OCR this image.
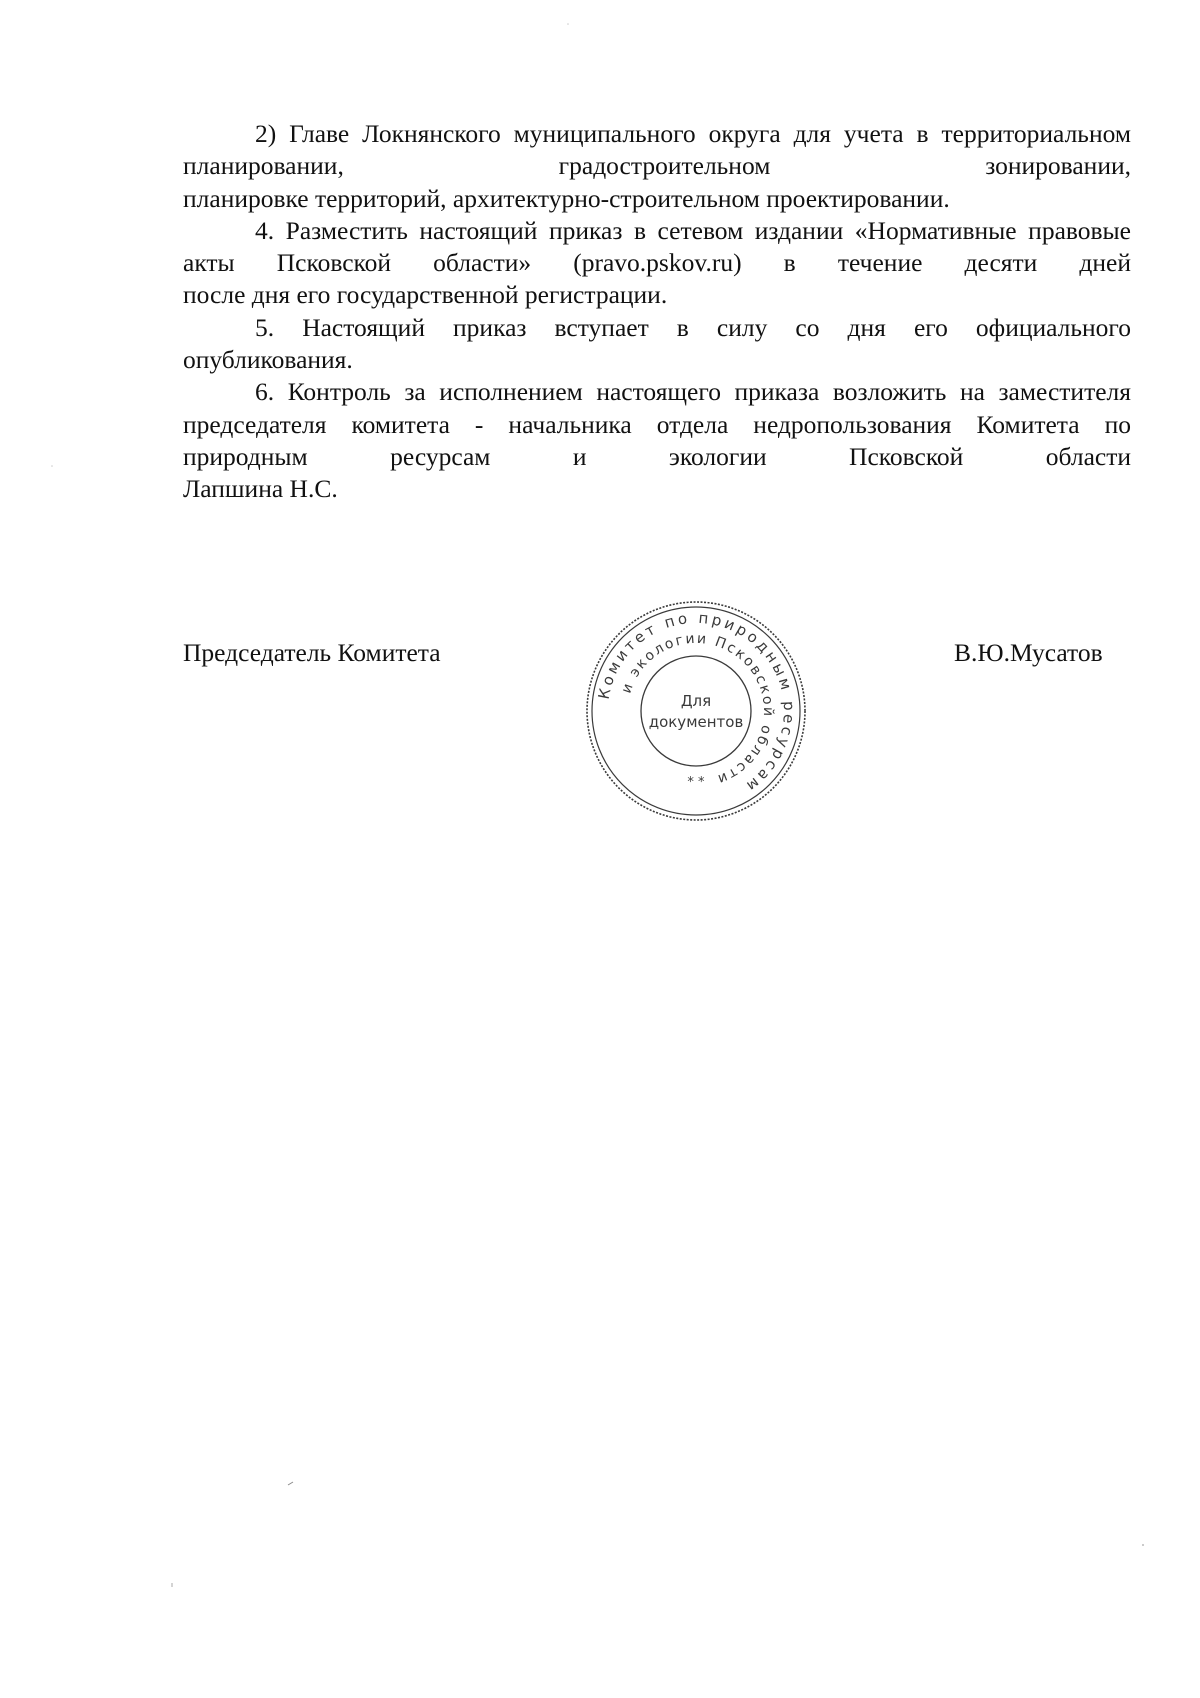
2) Главе Локнянского муниципального округа для учета в территориальном планировании, градостроительном зонировании,

планировке территорий, архитектурно-строительном проектировании.

4. Разместить настоящий приказ в сетевом издании «Нормативные правовые акты Псковской области» (pravo.pskov.ru) в течение десяти дней

после дня его государственной регистрации.

5. Настоящий приказ вступает в силу со дня его официального

опубликования.

6. Контроль за исполнением настоящего приказа возложить на заместителя председателя комитета - начальника отдела недропользования Комитета по природным ресурсам и экологии Псковской области

Лапшина Н.С.

Председатель Комитета	В.Ю.Мусатов
Комитет по природным ресурсам
и экологии Псковской области
Для
документов
* *
